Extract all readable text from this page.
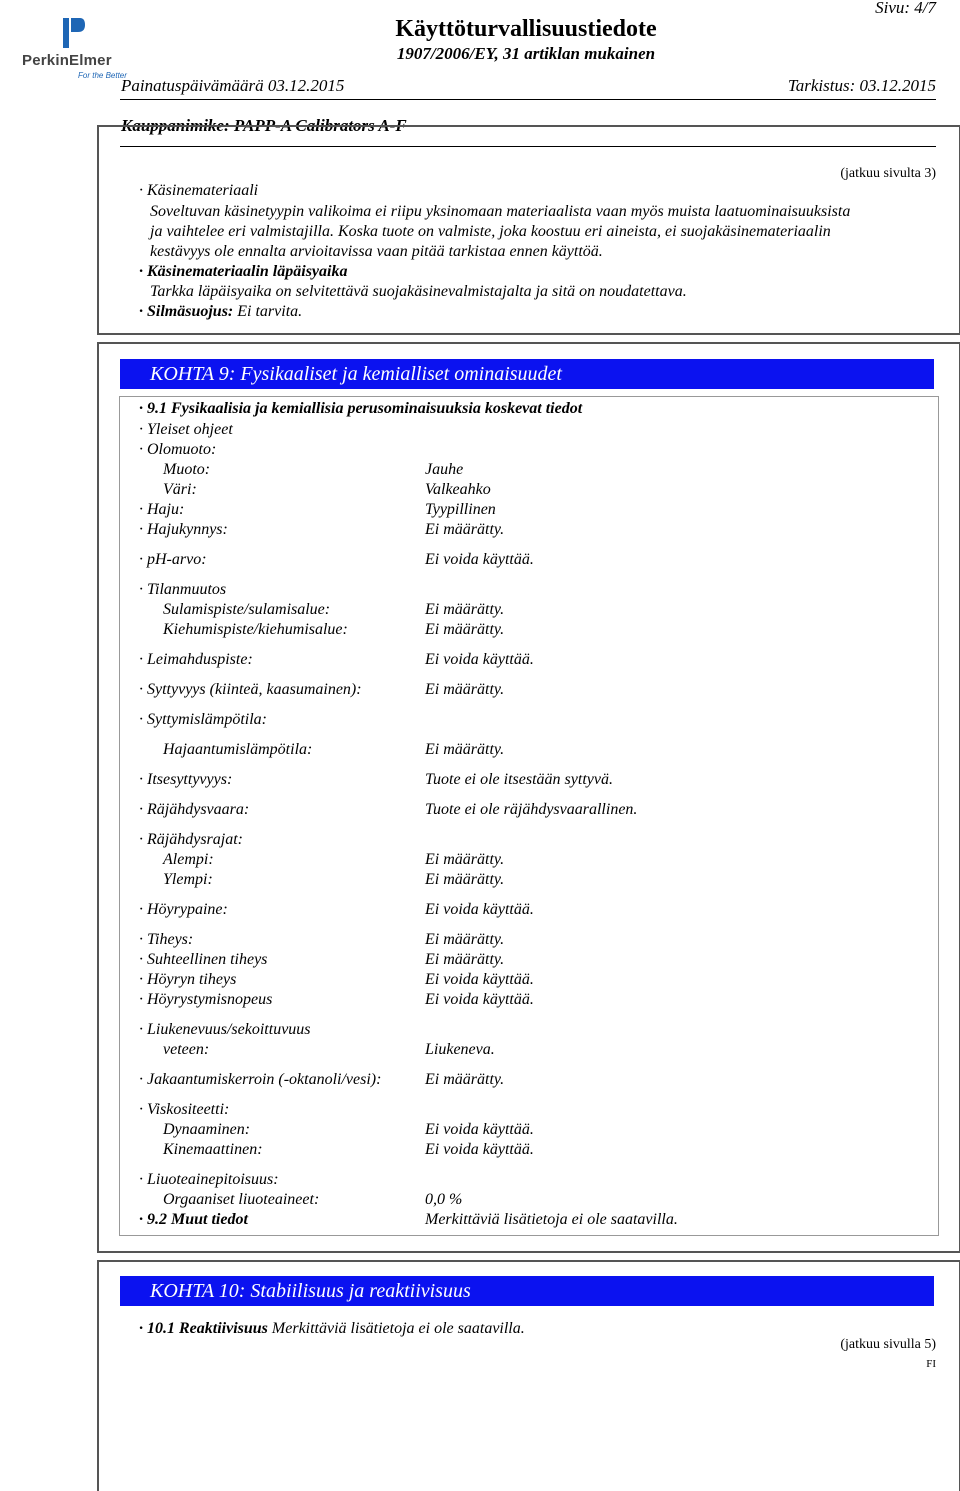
PerkinElmer
For the Better
Sivu: 4/7
Käyttöturvallisuustiedote
1907/2006/EY, 31 artiklan mukainen
Painatuspäivämäärä 03.12.2015	Tarkistus: 03.12.2015
Kauppanimike: PAPP-A Calibrators A-F
(jatkuu sivulta 3)
· Käsinemateriaali
Soveltuvan käsinetyypin valikoima ei riipu yksinomaan materiaalista vaan myös muista laatuominaisuuksista
ja vaihtelee eri valmistajilla. Koska tuote on valmiste, joka koostuu eri aineista, ei suojakäsinemateriaalin
kestävyys ole ennalta arvioitavissa vaan pitää tarkistaa ennen käyttöä.
· Käsinemateriaalin läpäisyaika
Tarkka läpäisyaika on selvitettävä suojakäsinevalmistajalta ja sitä on noudatettava.
· Silmäsuojus: Ei tarvita.
KOHTA 9: Fysikaaliset ja kemialliset ominaisuudet
· 9.1 Fysikaalisia ja kemiallisia perusominaisuuksia koskevat tiedot
· Yleiset ohjeet
· Olomuoto:
Muoto:	Jauhe
Väri:	Valkeahko
· Haju:	Tyypillinen
· Hajukynnys:	Ei määrätty.
· pH-arvo:	Ei voida käyttää.
· Tilanmuutos
Sulamispiste/sulamisalue:	Ei määrätty.
Kiehumispiste/kiehumisalue:	Ei määrätty.
· Leimahduspiste:	Ei voida käyttää.
· Syttyvyys (kiinteä, kaasumainen):	Ei määrätty.
· Syttymislämpötila:
Hajaantumislämpötila:	Ei määrätty.
· Itsesyttyvyys:	Tuote ei ole itsestään syttyvä.
· Räjähdysvaara:	Tuote ei ole räjähdysvaarallinen.
· Räjähdysrajat:
Alempi:	Ei määrätty.
Ylempi:	Ei määrätty.
· Höyrypaine:	Ei voida käyttää.
· Tiheys:	Ei määrätty.
· Suhteellinen tiheys	Ei määrätty.
· Höyryn tiheys	Ei voida käyttää.
· Höyrystymisnopeus	Ei voida käyttää.
· Liukenevuus/sekoittuvuus
veteen:	Liukeneva.
· Jakaantumiskerroin (-oktanoli/vesi):	Ei määrätty.
· Viskositeetti:
Dynaaminen:	Ei voida käyttää.
Kinemaattinen:	Ei voida käyttää.
· Liuoteainepitoisuus:
Orgaaniset liuoteaineet:	0,0 %
· 9.2 Muut tiedot	Merkittäviä lisätietoja ei ole saatavilla.
KOHTA 10: Stabiilisuus ja reaktiivisuus
· 10.1 Reaktiivisuus Merkittäviä lisätietoja ei ole saatavilla.
(jatkuu sivulla 5)
FI
